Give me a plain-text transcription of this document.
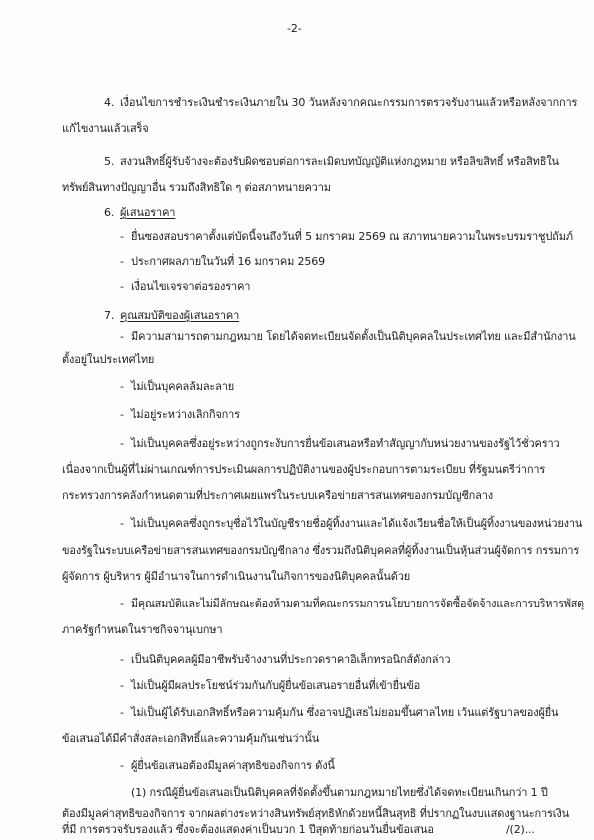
-2-
4. เงื่อนไขการชำระเงินชำระเงินภายใน 30 วันหลังจากคณะกรรมการตรวจรับงานแล้วหรือหลังจากการ
แก้ไขงานแล้วเสร็จ
5. สงวนสิทธิ์ผู้รับจ้างจะต้องรับผิดชอบต่อการละเมิดบทบัญญัติแห่งกฎหมาย หรือลิขสิทธิ์ หรือสิทธิใน
ทรัพย์สินทางปัญญาอื่น รวมถึงสิทธิใด ๆ ต่อสภาทนายความ
6. ผู้เสนอราคา
- ยื่นซองสอบราคาตั้งแต่บัดนี้จนถึงวันที่ 5 มกราคม 2569 ณ สภาทนายความในพระบรมราชูปถัมภ์
- ประกาศผลภายในวันที่ 16 มกราคม 2569
- เงื่อนไขเจรจาต่อรองราคา
7. คุณสมบัติของผู้เสนอราคา
- มีความสามารถตามกฎหมาย โดยได้จดทะเบียนจัดตั้งเป็นนิติบุคคลในประเทศไทย และมีสำนักงาน
ตั้งอยู่ในประเทศไทย
- ไม่เป็นบุคคลล้มละลาย
- ไม่อยู่ระหว่างเลิกกิจการ
- ไม่เป็นบุคคลซึ่งอยู่ระหว่างถูกระงับการยื่นข้อเสนอหรือทำสัญญากับหน่วยงานของรัฐไว้ชั่วคราว
เนื่องจากเป็นผู้ที่ไม่ผ่านเกณฑ์การประเมินผลการปฏิบัติงานของผู้ประกอบการตามระเบียบ ที่รัฐมนตรีว่าการ
กระทรวงการคลังกำหนดตามที่ประกาศเผยแพร่ในระบบเครือข่ายสารสนเทศของกรมบัญชีกลาง
- ไม่เป็นบุคคลซึ่งถูกระบุชื่อไว้ในบัญชีรายชื่อผู้ทิ้งงานและได้แจ้งเวียนชื่อให้เป็นผู้ทิ้งงานของหน่วยงาน
ของรัฐในระบบเครือข่ายสารสนเทศของกรมบัญชีกลาง ซึ่งรวมถึงนิติบุคคลที่ผู้ทิ้งงานเป็นหุ้นส่วนผู้จัดการ กรรมการ
ผู้จัดการ ผู้บริหาร ผู้มีอำนาจในการดำเนินงานในกิจการของนิติบุคคลนั้นด้วย
- มีคุณสมบัติและไม่มีลักษณะต้องห้ามตามที่คณะกรรมการนโยบายการจัดซื้อจัดจ้างและการบริหารพัสดุ
ภาครัฐกำหนดในราชกิจจานุเบกษา
- เป็นนิติบุคคลผู้มีอาชีพรับจ้างงานที่ประกวดราคาอิเล็กทรอนิกส์ดังกล่าว
- ไม่เป็นผู้มีผลประโยชน์ร่วมกันกับผู้ยื่นข้อเสนอรายอื่นที่เข้ายื่นข้อ
- ไม่เป็นผู้ได้รับเอกสิทธิ์หรือความคุ้มกัน ซึ่งอาจปฏิเสธไม่ยอมขึ้นศาลไทย เว้นแต่รัฐบาลของผู้ยื่น
ข้อเสนอได้มีคำสั่งสละเอกสิทธิ์และความคุ้มกันเช่นว่านั้น
- ผู้ยื่นข้อเสนอต้องมีมูลค่าสุทธิของกิจการ ดังนี้
(1) กรณีผู้ยื่นข้อเสนอเป็นนิติบุคคลที่จัดตั้งขึ้นตามกฎหมายไทยซึ่งได้จดทะเบียนเกินกว่า 1 ปี
ต้องมีมูลค่าสุทธิของกิจการ จากผลต่างระหว่างสินทรัพย์สุทธิหักด้วยหนี้สินสุทธิ ที่ปรากฏในงบแสดงฐานะการเงิน
ที่มี การตรวจรับรองแล้ว ซึ่งจะต้องแสดงค่าเป็นบวก 1 ปีสุดท้ายก่อนวันยื่นข้อเสนอ	/(2)...
